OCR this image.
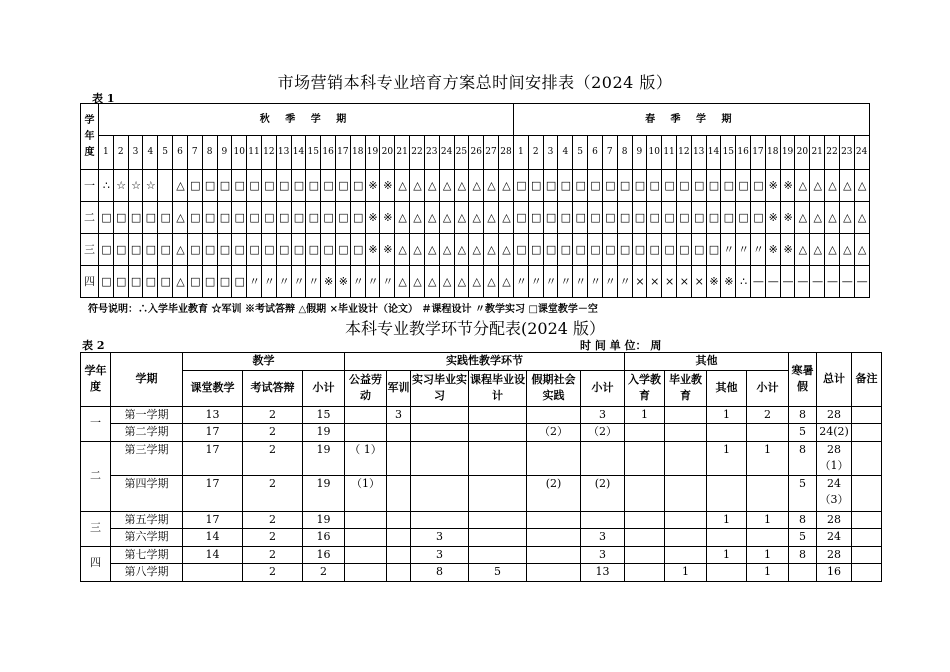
市场营销本科专业培育方案总时间安排表（2024 版）
表 1
学
年
度	秋 季 学 期																												春 季 学 期																							
	1	2	3	4	5	6	7	8	9	10	11	12	13	14	15	16	17	18	19	20	21	22	23	24	25	26	27	28	1	2	3	4	5	6	7	8	9	10	11	12	13	14	15	16	17	18	19	20	21	22	23	24
一	∴	☆	☆	☆		△	□	□	□	□	□	□	□	□	□	□	□	□	※	※	△	△	△	△	△	△	△	△	□	□	□	□	□	□	□	□	□	□	□	□	□	□	□	□	□	※	※	△	△	△	△	△
二	□	□	□	□	□	△	□	□	□	□	□	□	□	□	□	□	□	□	※	※	△	△	△	△	△	△	△	△	□	□	□	□	□	□	□	□	□	□	□	□	□	□	□	□	□	※	※	△	△	△	△	△
三	□	□	□	□	□	△	□	□	□	□	□	□	□	□	□	□	□	□	※	※	△	△	△	△	△	△	△	△	□	□	□	□	□	□	□	□	□	□	□	□	□	□	〃	〃	〃	※	※	△	△	△	△	△
四	□	□	□	□	□	△	□	□	□	□	〃	〃	〃	〃	〃	※	※	〃	〃	〃	△	△	△	△	△	△	△	△	〃	〃	〃	〃	〃	〃	〃	〃	×	×	×	×	×	※	※	∴	—	—	—	—	—	—	—	—
符号说明：∴入学毕业教育 ☆军训 ※考试答辩 △假期 ×毕业设计（论文） ＃课程设计 〃教学实习 □课堂教学－空
本科专业教学环节分配表(2024 版）
表 2	时 间 单 位： 周
学年度	学期	教学			实践性教学环节						其他				寒暑假	总计	备注
		课堂教学	考试答辩	小计	公益劳动	军训	实习毕业实习	课程毕业设计	假期社会实践	小计	入学教育	毕业教育	其他	小计			
一	第一学期	13	2	15		3				3	1		1	2	8	28	
	第二学期	17	2	19					（2）	（2）					5	24(2)	
二	第三学期	17	2	19	（ 1）								1	1	8	28（1）	
	第四学期	17	2	19	（1）				(2)	(2)					5	24（3）	
三	第五学期	17	2	19									1	1	8	28	
	第六学期	14	2	16			3			3					5	24	
四	第七学期	14	2	16			3			3			1	1	8	28	
	第八学期		2	2			8	5		13		1		1		16	
